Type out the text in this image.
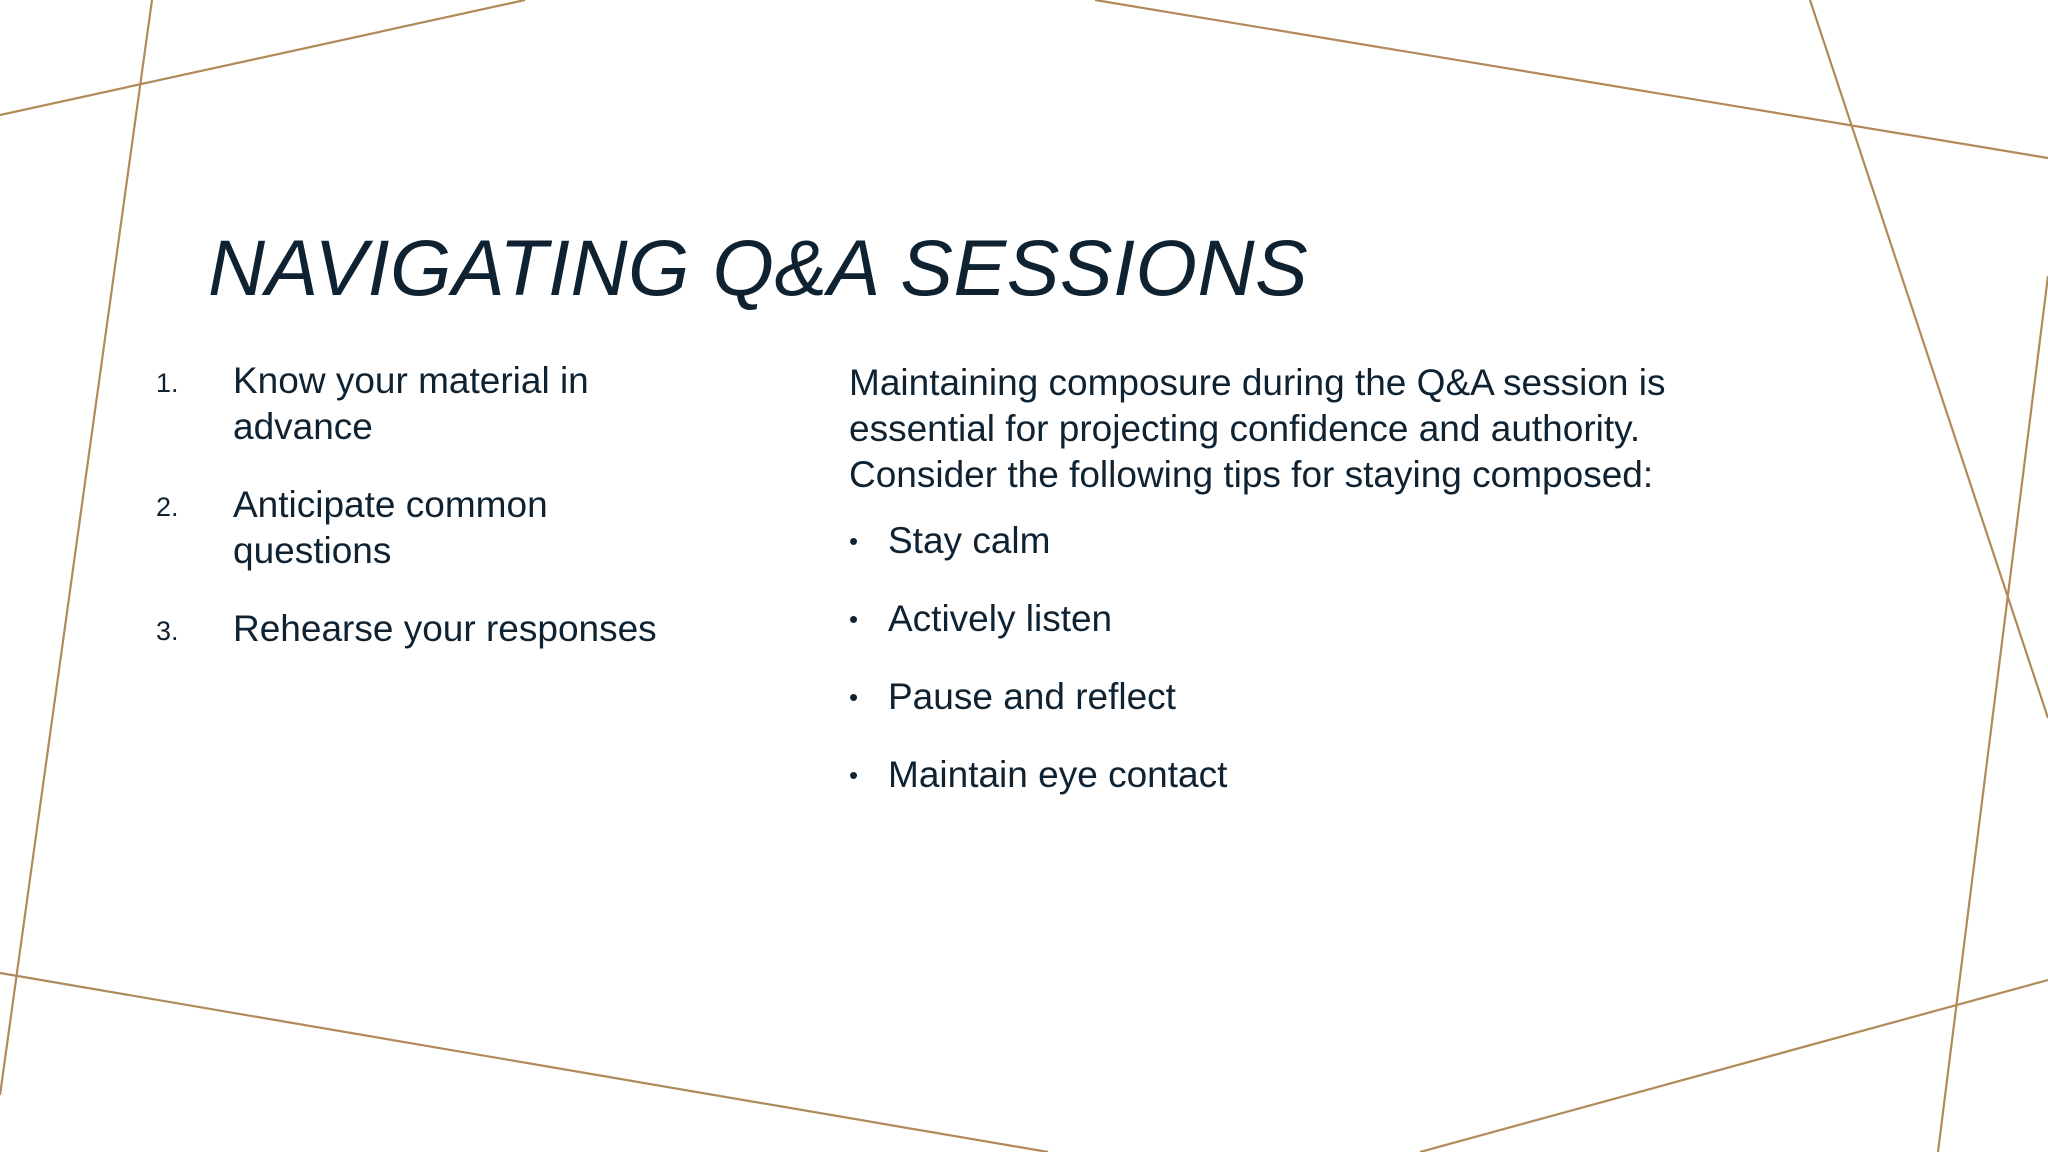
NAVIGATING Q&A SESSIONS
1. Know your material in advance
2. Anticipate common questions
3. Rehearse your responses

Maintaining composure during the Q&A session is essential for projecting confidence and authority. Consider the following tips for staying composed:

• Stay calm
• Actively listen
• Pause and reflect
• Maintain eye contact
